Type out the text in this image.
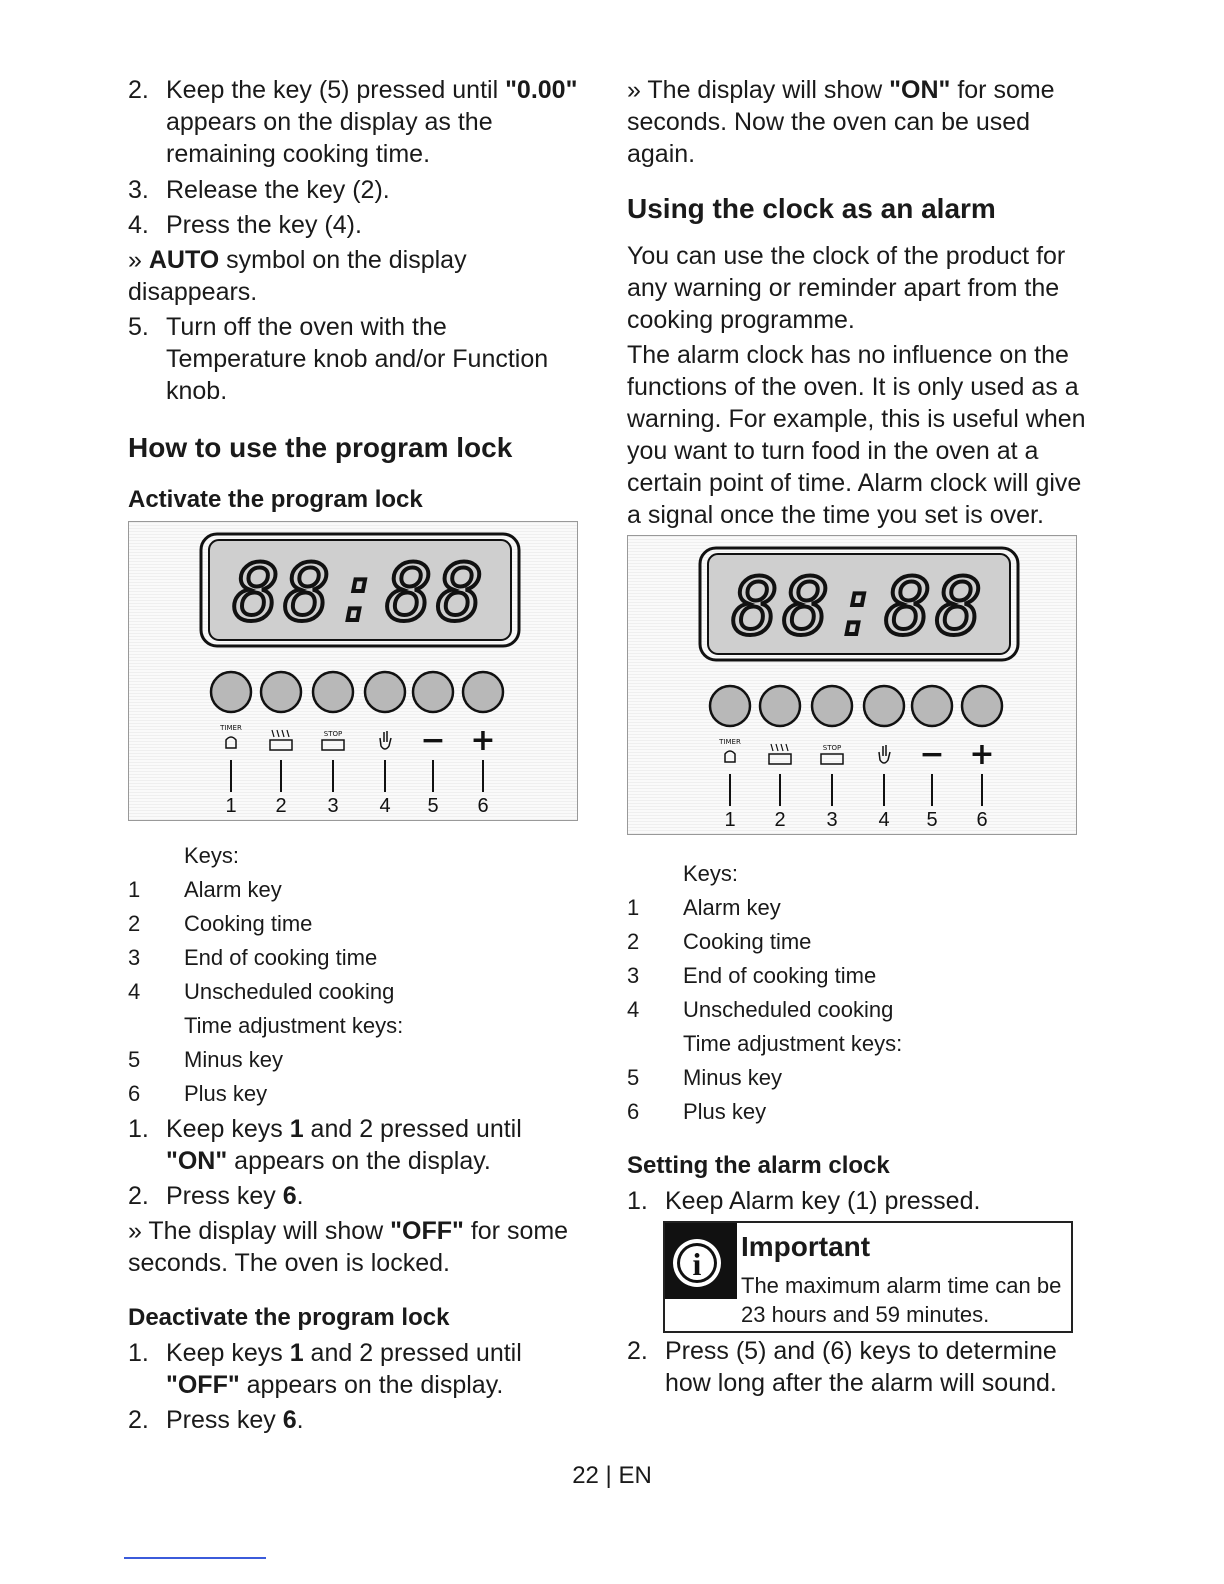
2. Keep the key (5) pressed until "0.00" appears on the display as the remaining cooking time.
3. Release the key (2).
4. Press the key (4).

» AUTO symbol on the display disappears.

5. Turn off the oven with the Temperature knob and/or Function knob.
How to use the program lock
Activate the program lock
88:88
TIMER
STOP	− +
1 2 3 4 5 6
Keys:
1	Alarm key
2	Cooking time
3	End of cooking time
4	Unscheduled cooking
Time adjustment keys:
5	Minus key
6	Plus key
1. Keep keys 1 and 2 pressed until "ON" appears on the display.
2. Press key 6.

» The display will show "OFF" for some seconds. The oven is locked.

Deactivate the program lock
1. Keep keys 1 and 2 pressed until "OFF" appears on the display.
2. Press key 6.

» The display will show "ON" for some seconds. Now the oven can be used again.

Using the clock as an alarm

You can use the clock of the product for any warning or reminder apart from the cooking programme.

The alarm clock has no influence on the functions of the oven. It is only used as a warning. For example, this is useful when you want to turn food in the oven at a certain point of time. Alarm clock will give a signal once the time you set is over.

88:88
TIMER
STOP	− +
1 2 3 4 5 6
Keys:
1	Alarm key
2	Cooking time
3	End of cooking time
4	Unscheduled cooking
Time adjustment keys:
5	Minus key
6	Plus key
Setting the alarm clock
1. Keep Alarm key (1) pressed.
i Important
The maximum alarm time can be 23 hours and 59 minutes.
2. Press (5) and (6) keys to determine how long after the alarm will sound.
22 | EN
